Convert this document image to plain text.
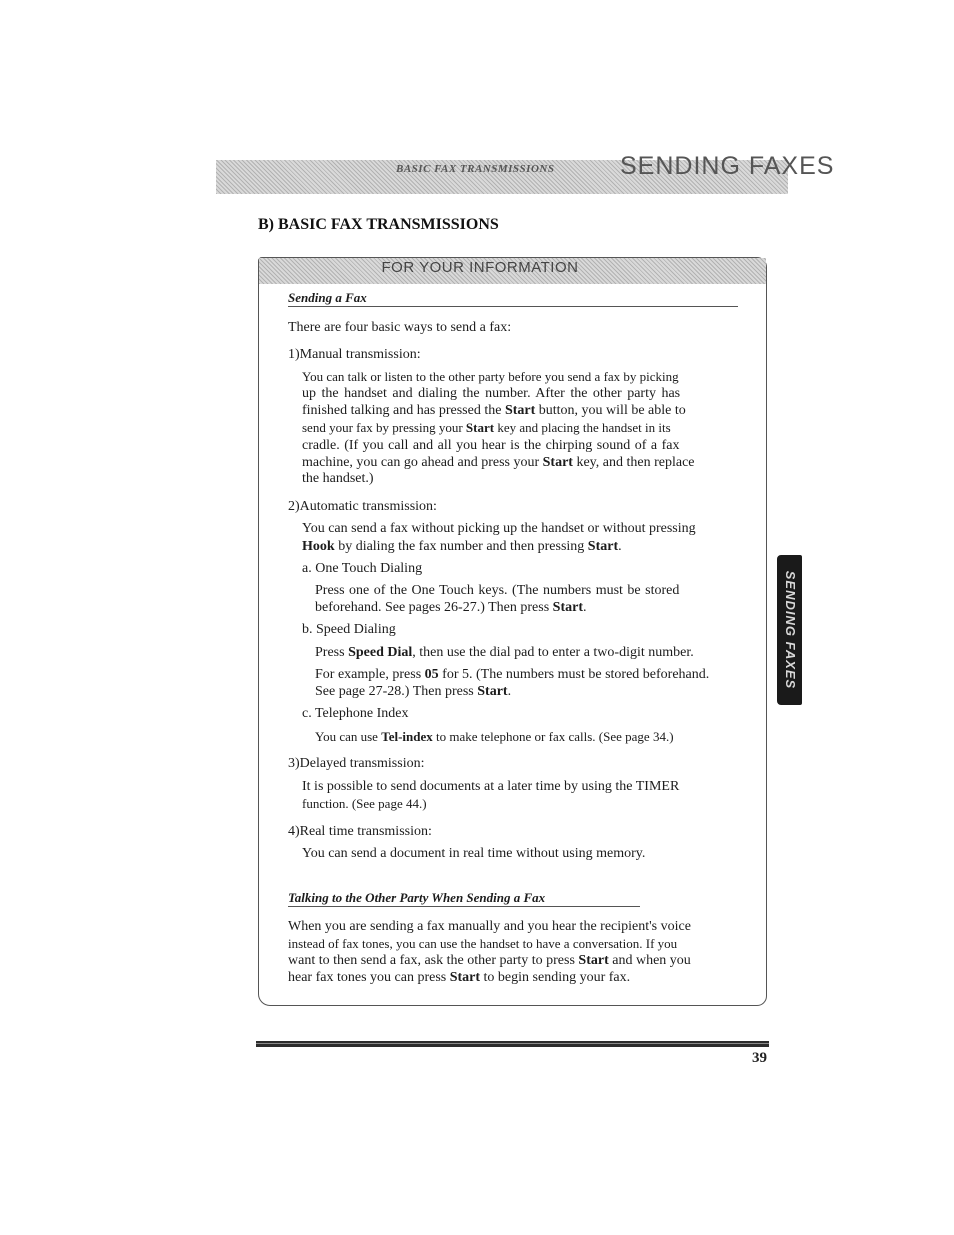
BASIC FAX TRANSMISSIONS	SENDING FAXES
B) BASIC FAX TRANSMISSIONS
FOR YOUR INFORMATION
Sending a Fax
There are four basic ways to send a fax:
1)Manual transmission:
You can talk or listen to the other party before you send a fax by picking
up the handset and dialing the number. After the other party has
finished talking and has pressed the Start button, you will be able to
send your fax by pressing your Start key and placing the handset in its
cradle. (If you call and all you hear is the chirping sound of a fax
machine, you can go ahead and press your Start key, and then replace
the handset.)
2)Automatic transmission:
You can send a fax without picking up the handset or without pressing
Hook by dialing the fax number and then pressing Start.
a. One Touch Dialing
Press one of the One Touch keys. (The numbers must be stored
beforehand. See pages 26-27.) Then press Start.
b. Speed Dialing
Press Speed Dial, then use the dial pad to enter a two-digit number.
For example, press 05 for 5. (The numbers must be stored beforehand.
See page 27-28.) Then press Start.
c. Telephone Index
You can use Tel-index to make telephone or fax calls. (See page 34.)
3)Delayed transmission:
It is possible to send documents at a later time by using the TIMER
function. (See page 44.)
4)Real time transmission:
You can send a document in real time without using memory.
Talking to the Other Party When Sending a Fax
When you are sending a fax manually and you hear the recipient's voice
instead of fax tones, you can use the handset to have a conversation. If you
want to then send a fax, ask the other party to press Start and when you
hear fax tones you can press Start to begin sending your fax.
SENDING FAXES
39
